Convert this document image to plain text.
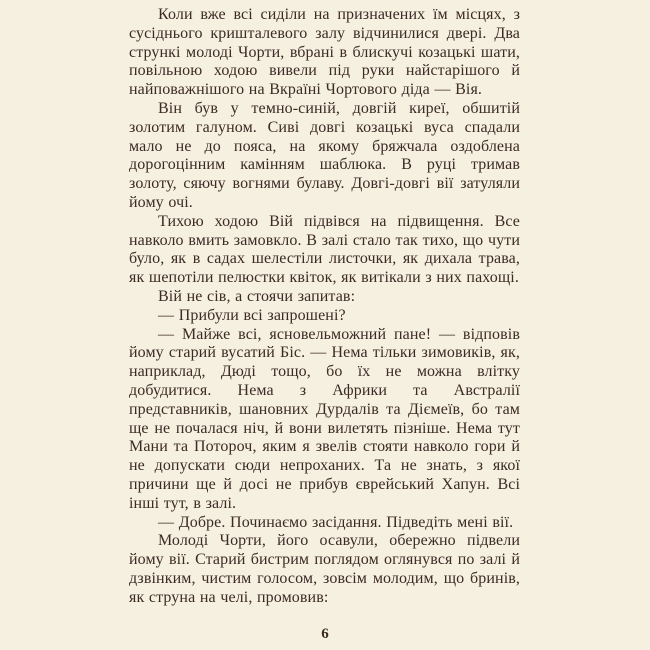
Коли вже всі сиділи на призначених їм місцях, з сусіднього кришталевого залу відчинилися двері. Два стрункі молоді Чорти, вбрані в блискучі козацькі шати, повільною ходою вивели під руки найстарішого й найповажнішого на Вкраїні Чортового діда — Вія.

Він був у темно-синій, довгій киреї, обшитій золотим галуном. Сиві довгі козацькі вуса спадали мало не до пояса, на якому бряжчала оздоблена дорогоцінним камінням шаблюка. В руці тримав золоту, сяючу вогнями булаву. Довгі-довгі вії затуляли йому очі.

Тихою ходою Вій підвівся на підвищення. Все навколо вмить замовкло. В залі стало так тихо, що чути було, як в садах шелестіли листочки, як дихала трава, як шепотіли пелюстки квіток, як витікали з них пахощі.

Вій не сів, а стоячи запитав:

— Прибули всі запрошені?

— Майже всі, ясновельможний пане! — відповів йому старий вусатий Біс. — Нема тільки зимовиків, як, наприклад, Дюді тощо, бо їх не можна влітку добудитися. Нема з Африки та Австралії представників, шановних Дурдалів та Діємеїв, бо там ще не почалася ніч, й вони вилетять пізніше. Нема тут Мани та Потороч, яким я звелів стояти навколо гори й не допускати сюди непроханих. Та не знать, з якої причини ще й досі не прибув єврейський Хапун. Всі інші тут, в залі.

— Добре. Починаємо засідання. Підведіть мені вії.

Молоді Чорти, його осавули, обережно підвели йому вії. Старий бистрим поглядом оглянувся по залі й дзвінким, чистим голосом, зовсім молодим, що бринів, як струна на челі, промовив:

6
